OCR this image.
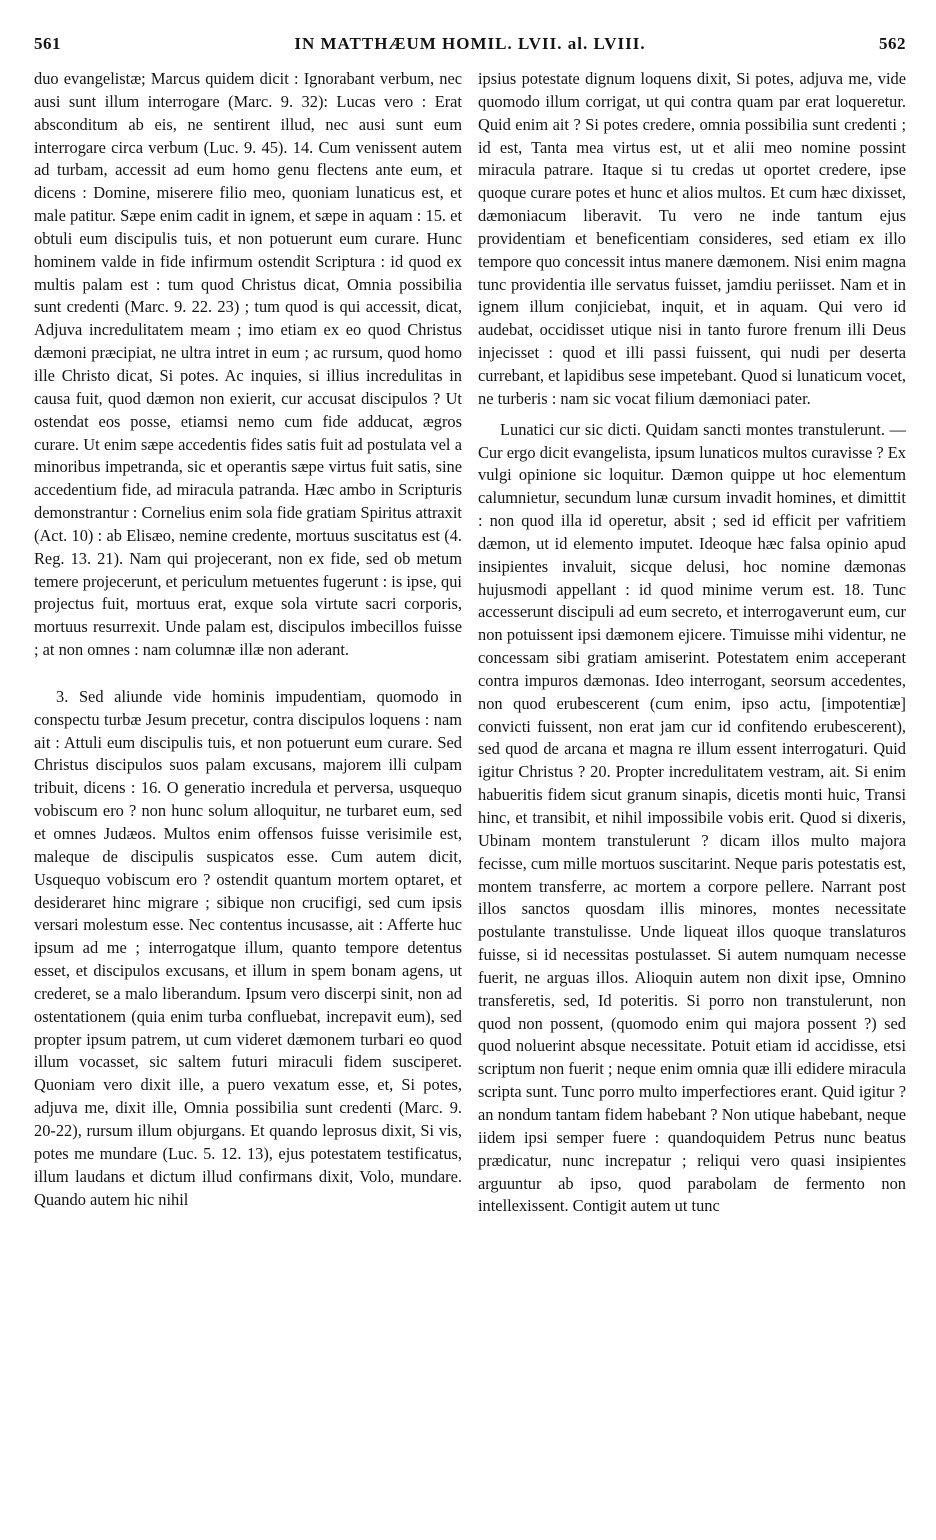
561	IN MATTHÆUM HOMIL. LVII. al. LVIII.	562

duo evangelistæ; Marcus quidem dicit : Ignorabant verbum, nec ausi sunt illum interrogare (Marc. 9. 32): Lucas vero : Erat absconditum ab eis, ne sentirent illud, nec ausi sunt eum interrogare circa verbum (Luc. 9. 45). 14. Cum venissent autem ad turbam, accessit ad eum homo genu flectens ante eum, et dicens : Domine, miserere filio meo, quoniam lunaticus est, et male patitur. Sæpe enim cadit in ignem, et sæpe in aquam : 15. et obtuli eum discipulis tuis, et non potuerunt eum curare. Hunc hominem valde in fide infirmum ostendit Scriptura : id quod ex multis palam est : tum quod Christus dicat, Omnia possibilia sunt credenti (Marc. 9. 22. 23) ; tum quod is qui accessit, dicat, Adjuva incredulitatem meam ; imo etiam ex eo quod Christus dæmoni præcipiat, ne ultra intret in eum ; ac rursum, quod homo ille Christo dicat, Si potes. Ac inquies, si illius incredulitas in causa fuit, quod dæmon non exierit, cur accusat discipulos ? Ut ostendat eos posse, etiamsi nemo cum fide adducat, ægros curare. Ut enim sæpe accedentis fides satis fuit ad postulata vel a minoribus impetranda, sic et operantis sæpe virtus fuit satis, sine accedentium fide, ad miracula patranda. Hæc ambo in Scripturis demonstrantur : Cornelius enim sola fide gratiam Spiritus attraxit (Act. 10) : ab Elisæo, nemine credente, mortuus suscitatus est (4. Reg. 13. 21). Nam qui projecerant, non ex fide, sed ob metum temere projecerunt, et periculum metuentes fugerunt : is ipse, qui projectus fuit, mortuus erat, exque sola virtute sacri corporis, mortuus resurrexit. Unde palam est, discipulos imbecillos fuisse ; at non omnes : nam columnæ illæ non aderant.

3. Sed aliunde vide hominis impudentiam, quomodo in conspectu turbæ Jesum precetur, contra discipulos loquens : nam ait : Attuli eum discipulis tuis, et non potuerunt eum curare. Sed Christus discipulos suos palam excusans, majorem illi culpam tribuit, dicens : 16. O generatio incredula et perversa, usquequo vobiscum ero ? non hunc solum alloquitur, ne turbaret eum, sed et omnes Judæos. Multos enim offensos fuisse verisimile est, maleque de discipulis suspicatos esse. Cum autem dicit, Usquequo vobiscum ero ? ostendit quantum mortem optaret, et desideraret hinc migrare ; sibique non crucifigi, sed cum ipsis versari molestum esse. Nec contentus incusasse, ait : Afferte huc ipsum ad me ; interrogatque illum, quanto tempore detentus esset, et discipulos excusans, et illum in spem bonam agens, ut crederet, se a malo liberandum. Ipsum vero discerpi sinit, non ad ostentationem (quia enim turba confluebat, increpavit eum), sed propter ipsum patrem, ut cum videret dæmonem turbari eo quod illum vocasset, sic saltem futuri miraculi fidem susciperet. Quoniam vero dixit ille, a puero vexatum esse, et, Si potes, adjuva me, dixit ille, Omnia possibilia sunt credenti (Marc. 9. 20-22), rursum illum objurgans. Et quando leprosus dixit, Si vis, potes me mundare (Luc. 5. 12. 13), ejus potestatem testificatus, illum laudans et dictum illud confirmans dixit, Volo, mundare. Quando autem hic nihil

ipsius potestate dignum loquens dixit, Si potes, adjuva me, vide quomodo illum corrigat, ut qui contra quam par erat loqueretur. Quid enim ait ? Si potes credere, omnia possibilia sunt credenti ; id est, Tanta mea virtus est, ut et alii meo nomine possint miracula patrare. Itaque si tu credas ut oportet credere, ipse quoque curare potes et hunc et alios multos. Et cum hæc dixisset, dæmoniacum liberavit. Tu vero ne inde tantum ejus providentiam et beneficentiam consideres, sed etiam ex illo tempore quo concessit intus manere dæmonem. Nisi enim magna tunc providentia ille servatus fuisset, jamdiu periisset. Nam et in ignem illum conjiciebat, inquit, et in aquam. Qui vero id audebat, occidisset utique nisi in tanto furore frenum illi Deus injecisset : quod et illi passi fuissent, qui nudi per deserta currebant, et lapidibus sese impetebant. Quod si lunaticum vocet, ne turberis : nam sic vocat filium dæmoniaci pater.

Lunatici cur sic dicti. Quidam sancti montes transtulerunt. — Cur ergo dicit evangelista, ipsum lunaticos multos curavisse ? Ex vulgi opinione sic loquitur. Dæmon quippe ut hoc elementum calumnietur, secundum lunæ cursum invadit homines, et dimittit : non quod illa id operetur, absit ; sed id efficit per vafritiem dæmon, ut id elemento imputet. Ideoque hæc falsa opinio apud insipientes invaluit, sicque delusi, hoc nomine dæmonas hujusmodi appellant : id quod minime verum est. 18. Tunc accesserunt discipuli ad eum secreto, et interrogaverunt eum, cur non potuissent ipsi dæmonem ejicere. Timuisse mihi videntur, ne concessam sibi gratiam amiserint. Potestatem enim acceperant contra impuros dæmonas. Ideo interrogant, seorsum accedentes, non quod erubescerent (cum enim, ipso actu, [impotentiæ] convicti fuissent, non erat jam cur id confitendo erubescerent), sed quod de arcana et magna re illum essent interrogaturi. Quid igitur Christus ? 20. Propter incredulitatem vestram, ait. Si enim habueritis fidem sicut granum sinapis, dicetis monti huic, Transi hinc, et transibit, et nihil impossibile vobis erit. Quod si dixeris, Ubinam montem transtulerunt ? dicam illos multo majora fecisse, cum mille mortuos suscitarint. Neque paris potestatis est, montem transferre, ac mortem a corpore pellere. Narrant post illos sanctos quosdam illis minores, montes necessitate postulante transtulisse. Unde liqueat illos quoque translaturos fuisse, si id necessitas postulasset. Si autem numquam necesse fuerit, ne arguas illos. Alioquin autem non dixit ipse, Omnino transferetis, sed, Id poteritis. Si porro non transtulerunt, non quod non possent, (quomodo enim qui majora possent ?) sed quod noluerint absque necessitate. Potuit etiam id accidisse, etsi scriptum non fuerit ; neque enim omnia quæ illi edidere miracula scripta sunt. Tunc porro multo imperfectiores erant. Quid igitur ? an nondum tantam fidem habebant ? Non utique habebant, neque iidem ipsi semper fuere : quandoquidem Petrus nunc beatus prædicatur, nunc increpatur ; reliqui vero quasi insipientes arguuntur ab ipso, quod parabolam de fermento non intellexissent. Contigit autem ut tunc
